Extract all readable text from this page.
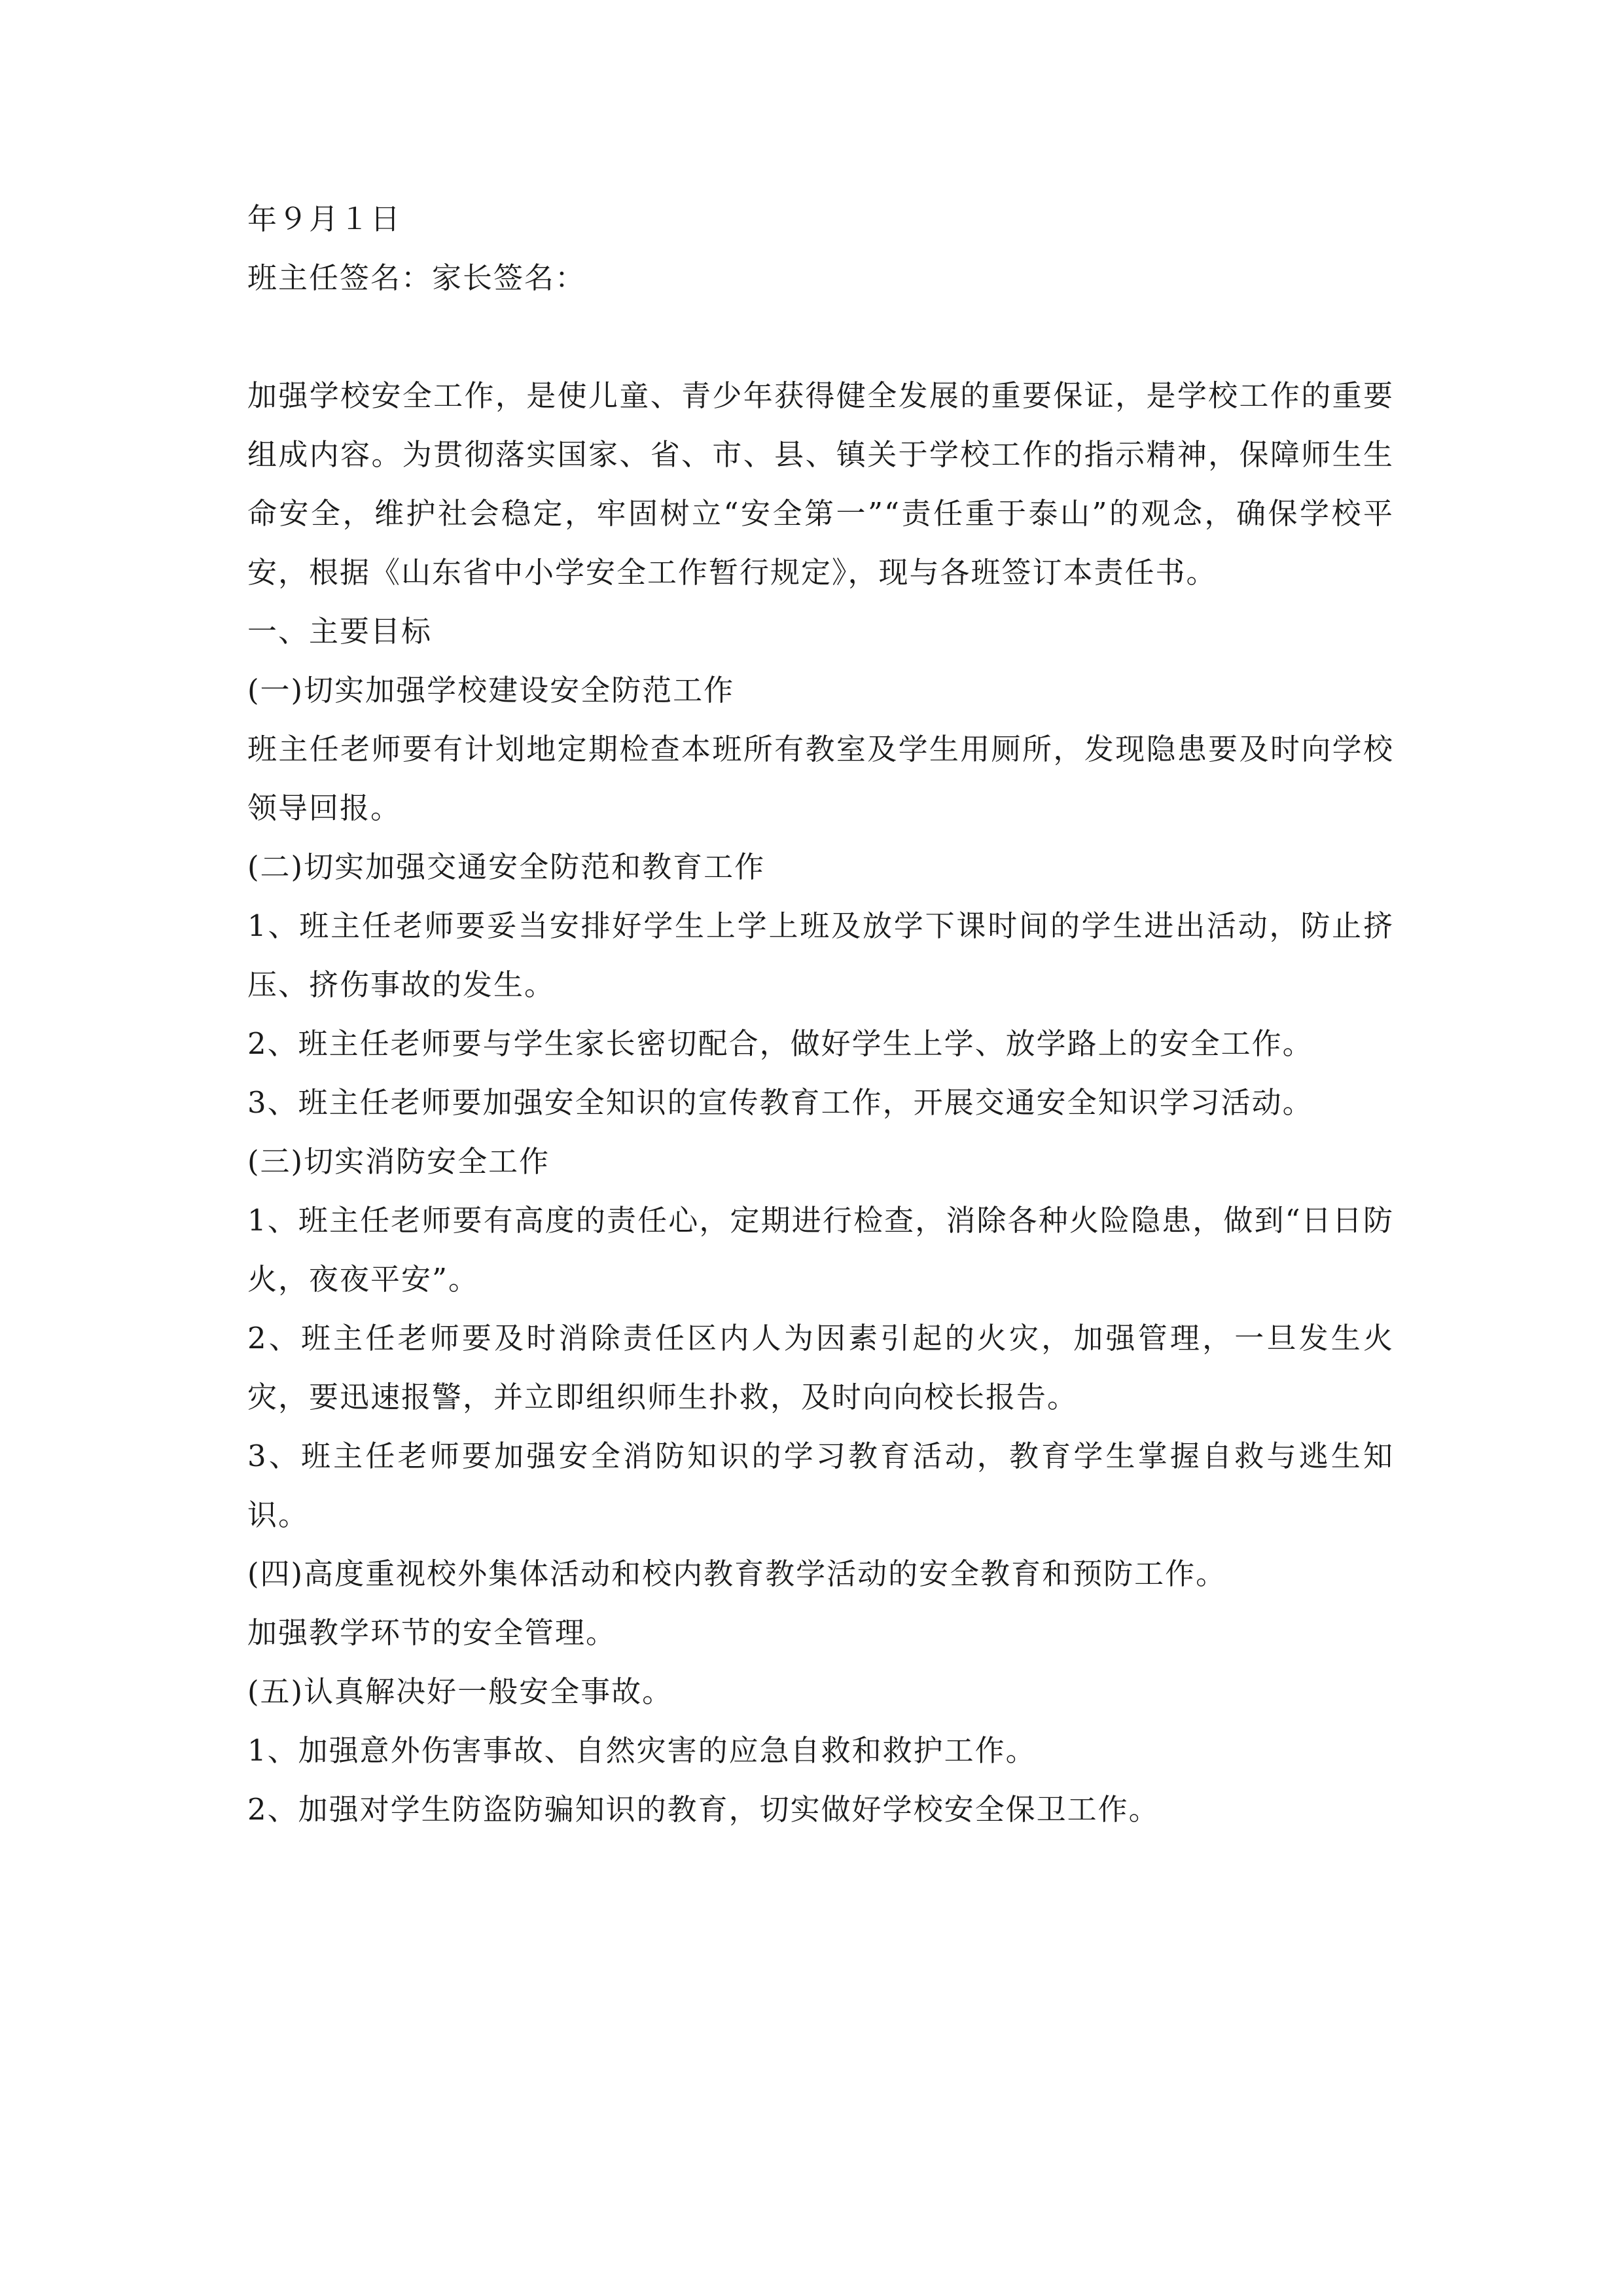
年９月１日

班主任签名：家长签名：

加强学校安全工作，是使儿童、青少年获得健全发展的重要保证，是学校工作的重要组成内容。为贯彻落实国家、省、市、县、镇关于学校工作的指示精神，保障师生生命安全，维护社会稳定，牢固树立“安全第一”“责任重于泰山”的观念，确保学校平安，根据《山东省中小学安全工作暂行规定》，现与各班签订本责任书。

一、主要目标

(一)切实加强学校建设安全防范工作

班主任老师要有计划地定期检查本班所有教室及学生用厕所，发现隐患要及时向学校领导回报。

(二)切实加强交通安全防范和教育工作

1、班主任老师要妥当安排好学生上学上班及放学下课时间的学生进出活动，防止挤压、挤伤事故的发生。

2、班主任老师要与学生家长密切配合，做好学生上学、放学路上的安全工作。

3、班主任老师要加强安全知识的宣传教育工作，开展交通安全知识学习活动。

(三)切实消防安全工作

1、班主任老师要有高度的责任心，定期进行检查，消除各种火险隐患，做到“日日防火，夜夜平安”。

2、班主任老师要及时消除责任区内人为因素引起的火灾，加强管理，一旦发生火灾，要迅速报警，并立即组织师生扑救，及时向向校长报告。

3、班主任老师要加强安全消防知识的学习教育活动，教育学生掌握自救与逃生知识。

(四)高度重视校外集体活动和校内教育教学活动的安全教育和预防工作。

加强教学环节的安全管理。

(五)认真解决好一般安全事故。

1、加强意外伤害事故、自然灾害的应急自救和救护工作。

2、加强对学生防盗防骗知识的教育，切实做好学校安全保卫工作。
